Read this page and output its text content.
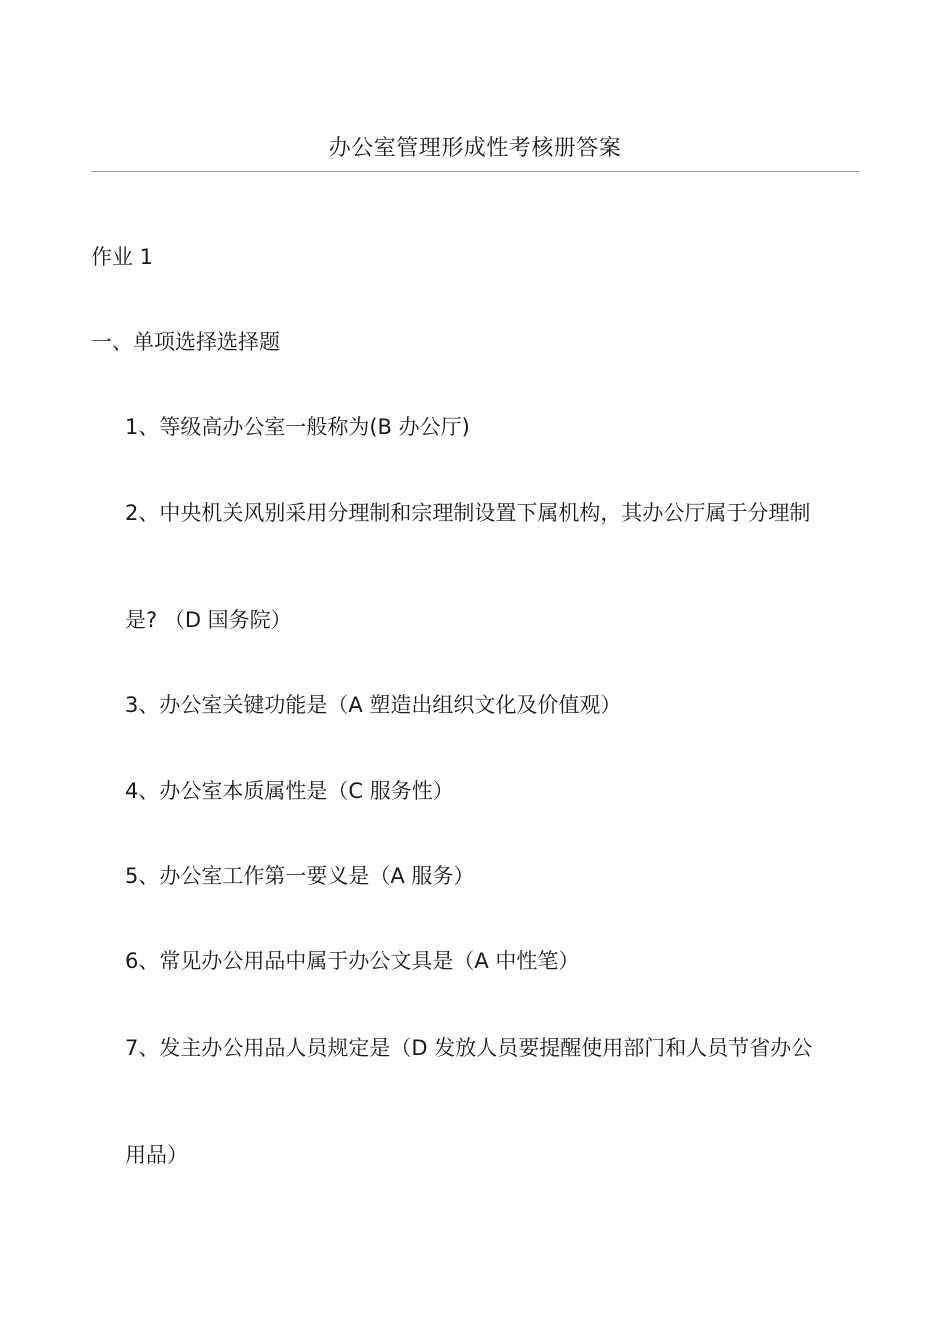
办公室管理形成性考核册答案
作业 1
一、单项选择选择题
1、等级高办公室一般称为(B 办公厅)
2、中央机关风别采用分理制和宗理制设置下属机构，其办公厅属于分理制
是? （D 国务院）
3、办公室关键功能是（A 塑造出组织文化及价值观）
4、办公室本质属性是（C 服务性）
5、办公室工作第一要义是（A 服务）
6、常见办公用品中属于办公文具是（A 中性笔）
7、发主办公用品人员规定是（D 发放人员要提醒使用部门和人员节省办公
用品）
